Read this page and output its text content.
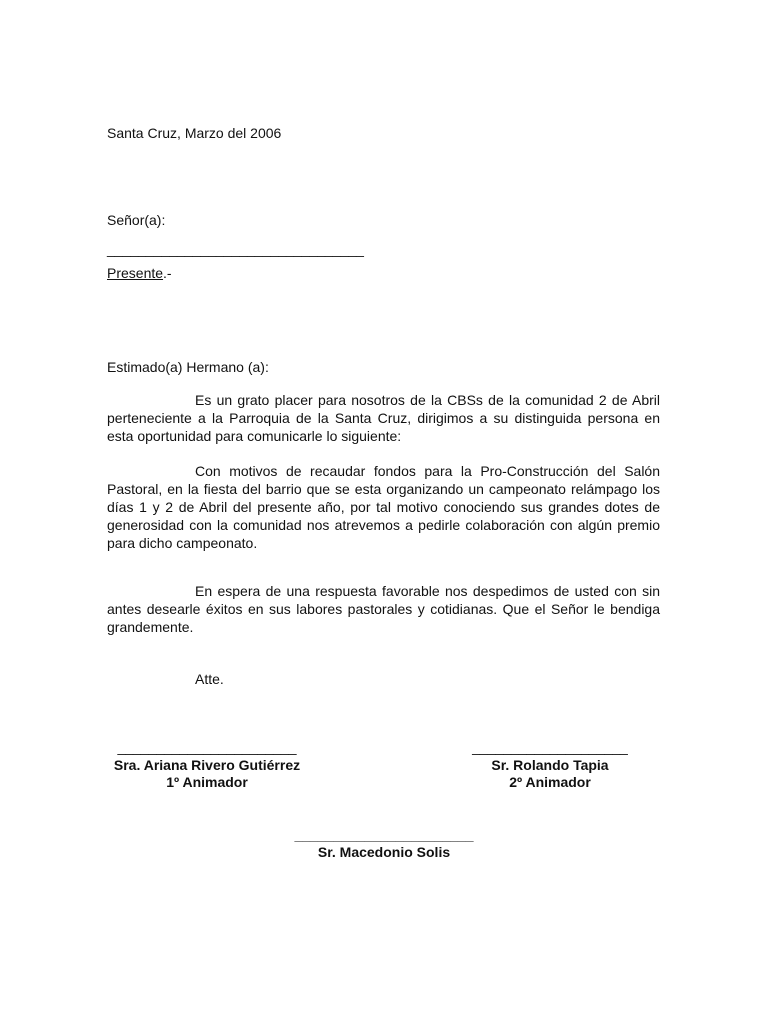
Santa Cruz, Marzo del 2006
Señor(a):
_________________________________
Presente.-
Estimado(a) Hermano (a):
Es un grato placer para nosotros de la CBSs de la comunidad 2 de Abril perteneciente a la Parroquia de la Santa Cruz, dirigimos a su distinguida persona en esta oportunidad para comunicarle lo siguiente:
Con motivos de recaudar fondos para la Pro-Construcción del Salón Pastoral, en la fiesta del barrio que se esta organizando un campeonato relámpago los días 1 y 2 de Abril del presente año, por tal motivo conociendo sus grandes dotes de generosidad con la comunidad nos atrevemos a pedirle colaboración con algún premio para dicho campeonato.
En espera de una respuesta favorable nos despedimos de usted con sin antes desearle éxitos en sus labores pastorales y cotidianas. Que el Señor le bendiga grandemente.
Atte.
_______________________
Sra. Ariana Rivero Gutiérrez
1º Animador
____________________
Sr. Rolando Tapia
2º Animador
_______________________
Sr. Macedonio Solis
